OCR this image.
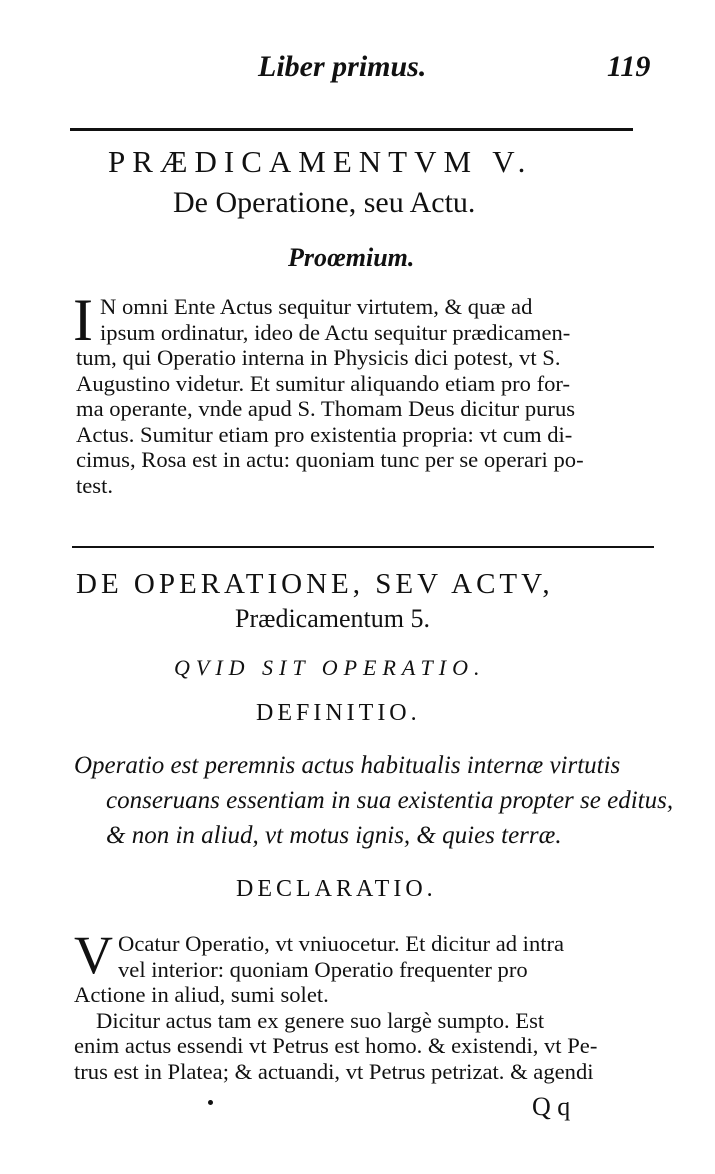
Liber primus.	119
PRÆDICAMENTVM V.
De Operatione, seu Actu.
Proœmium.
I N omni Ente Actus sequitur virtutem, & quæ ad
ipsum ordinatur, ideo de Actu sequitur prædicamen-
tum, qui Operatio interna in Physicis dici potest, vt S.
Augustino videtur. Et sumitur aliquando etiam pro for-
ma operante, vnde apud S. Thomam Deus dicitur purus
Actus. Sumitur etiam pro existentia propria: vt cum di-
cimus, Rosa est in actu: quoniam tunc per se operari po-
test.
DE OPERATIONE, SEV ACTV,
Prædicamentum 5.
QVID SIT OPERATIO.
DEFINITIO.
Operatio est peremnis actus habitualis internæ virtutis
conseruans essentiam in sua existentia propter se editus,
& non in aliud, vt motus ignis, & quies terræ.
DECLARATIO.
V Ocatur Operatio, vt vniuocetur. Et dicitur ad intra
vel interior: quoniam Operatio frequenter pro
Actione in aliud, sumi solet.
Dicitur actus tam ex genere suo largè sumpto. Est
enim actus essendi vt Petrus est homo. & existendi, vt Pe-
trus est in Platea; & actuandi, vt Petrus petrizat. & agendi
Q q
